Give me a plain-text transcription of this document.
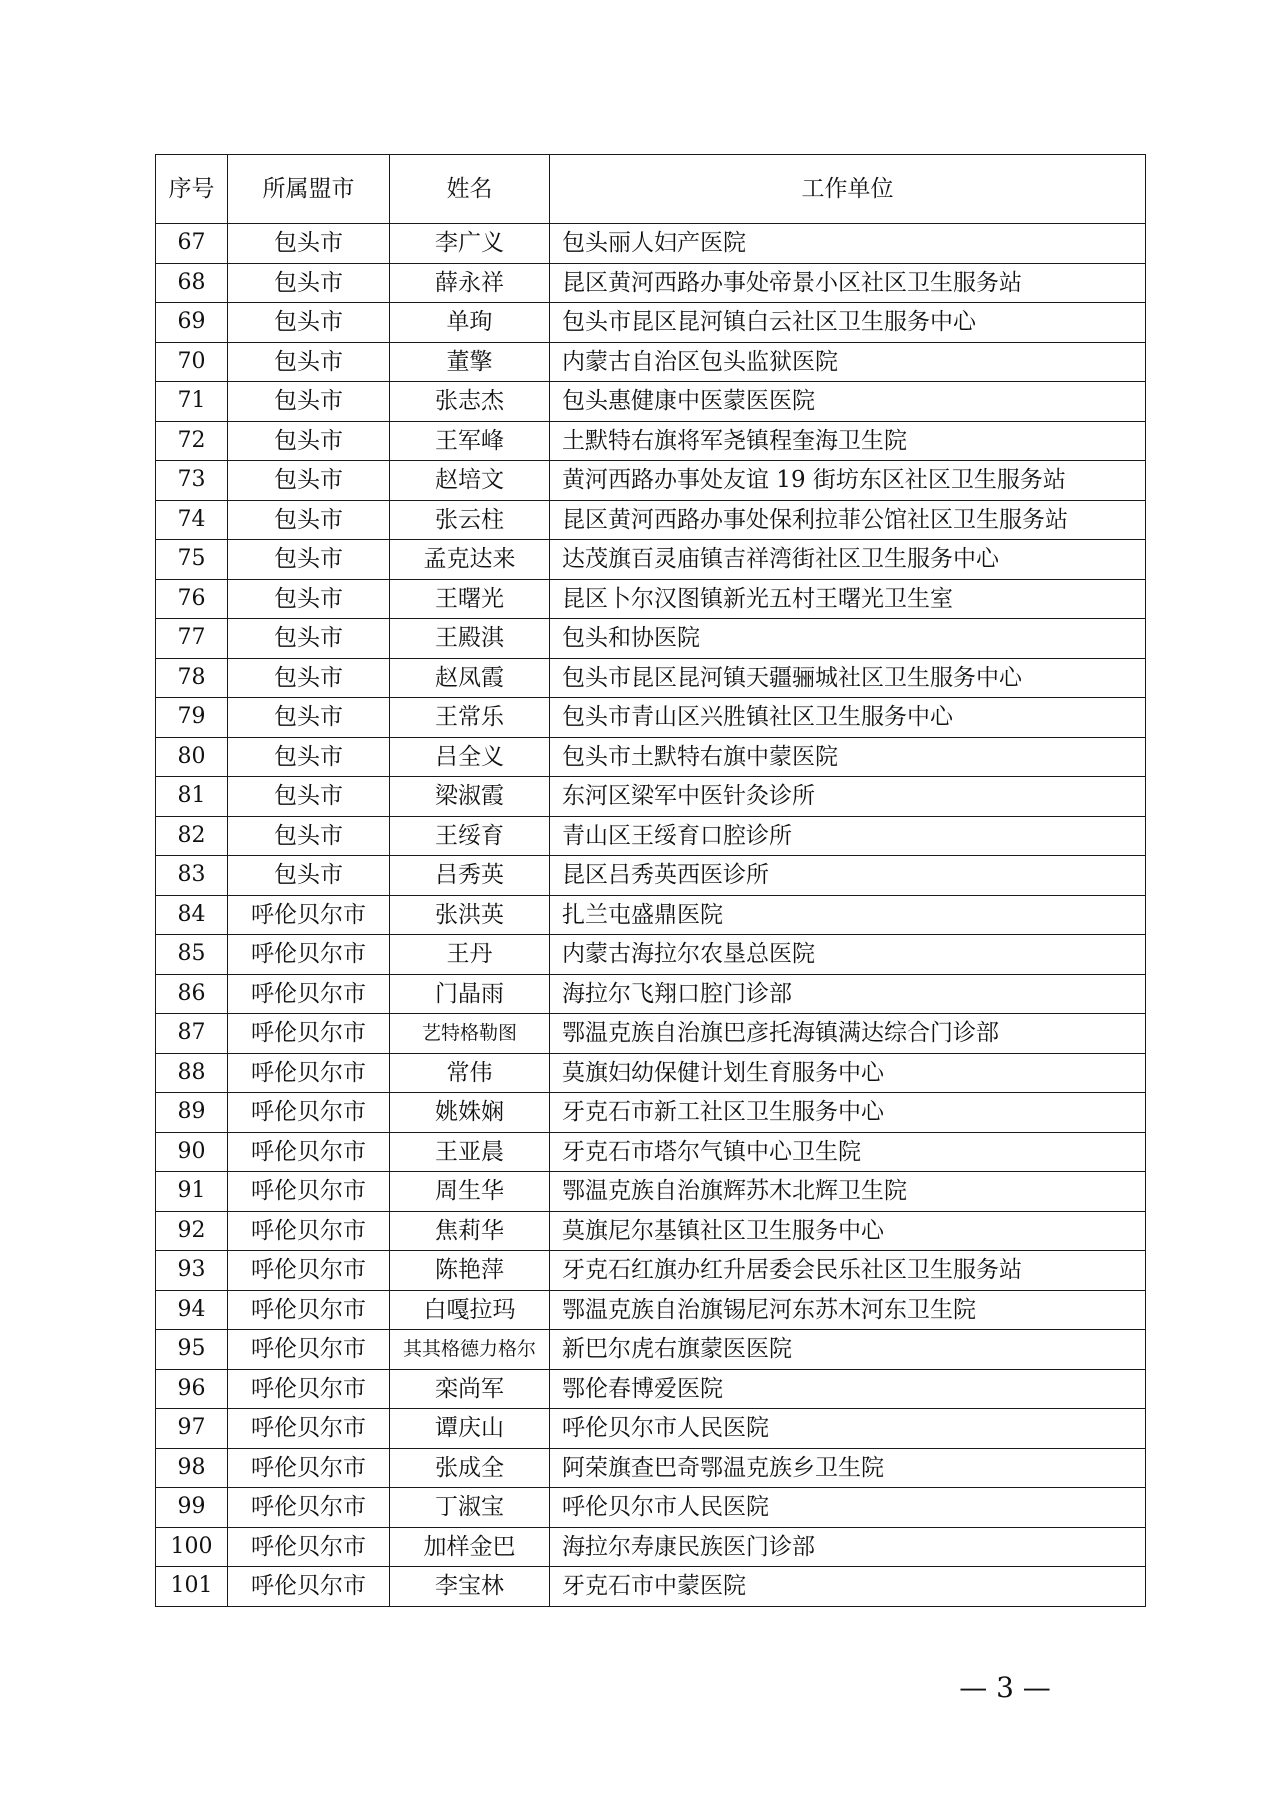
序号	所属盟市	姓名	工作单位
67	包头市	李广义	包头丽人妇产医院
68	包头市	薛永祥	昆区黄河西路办事处帝景小区社区卫生服务站
69	包头市	单珣	包头市昆区昆河镇白云社区卫生服务中心
70	包头市	董擎	内蒙古自治区包头监狱医院
71	包头市	张志杰	包头惠健康中医蒙医医院
72	包头市	王军峰	土默特右旗将军尧镇程奎海卫生院
73	包头市	赵培文	黄河西路办事处友谊 19 街坊东区社区卫生服务站
74	包头市	张云柱	昆区黄河西路办事处保利拉菲公馆社区卫生服务站
75	包头市	孟克达来	达茂旗百灵庙镇吉祥湾街社区卫生服务中心
76	包头市	王曙光	昆区卜尔汉图镇新光五村王曙光卫生室
77	包头市	王殿淇	包头和协医院
78	包头市	赵凤霞	包头市昆区昆河镇天疆骊城社区卫生服务中心
79	包头市	王常乐	包头市青山区兴胜镇社区卫生服务中心
80	包头市	吕全义	包头市土默特右旗中蒙医院
81	包头市	梁淑霞	东河区梁军中医针灸诊所
82	包头市	王绥育	青山区王绥育口腔诊所
83	包头市	吕秀英	昆区吕秀英西医诊所
84	呼伦贝尔市	张洪英	扎兰屯盛鼎医院
85	呼伦贝尔市	王丹	内蒙古海拉尔农垦总医院
86	呼伦贝尔市	门晶雨	海拉尔飞翔口腔门诊部
87	呼伦贝尔市	艺特格勒图	鄂温克族自治旗巴彦托海镇满达综合门诊部
88	呼伦贝尔市	常伟	莫旗妇幼保健计划生育服务中心
89	呼伦贝尔市	姚姝娴	牙克石市新工社区卫生服务中心
90	呼伦贝尔市	王亚晨	牙克石市塔尔气镇中心卫生院
91	呼伦贝尔市	周生华	鄂温克族自治旗辉苏木北辉卫生院
92	呼伦贝尔市	焦莉华	莫旗尼尔基镇社区卫生服务中心
93	呼伦贝尔市	陈艳萍	牙克石红旗办红升居委会民乐社区卫生服务站
94	呼伦贝尔市	白嘎拉玛	鄂温克族自治旗锡尼河东苏木河东卫生院
95	呼伦贝尔市	其其格德力格尔	新巴尔虎右旗蒙医医院
96	呼伦贝尔市	栾尚军	鄂伦春博爱医院
97	呼伦贝尔市	谭庆山	呼伦贝尔市人民医院
98	呼伦贝尔市	张成全	阿荣旗查巴奇鄂温克族乡卫生院
99	呼伦贝尔市	丁淑宝	呼伦贝尔市人民医院
100	呼伦贝尔市	加样金巴	海拉尔寿康民族医门诊部
101	呼伦贝尔市	李宝林	牙克石市中蒙医院
— 3 —
